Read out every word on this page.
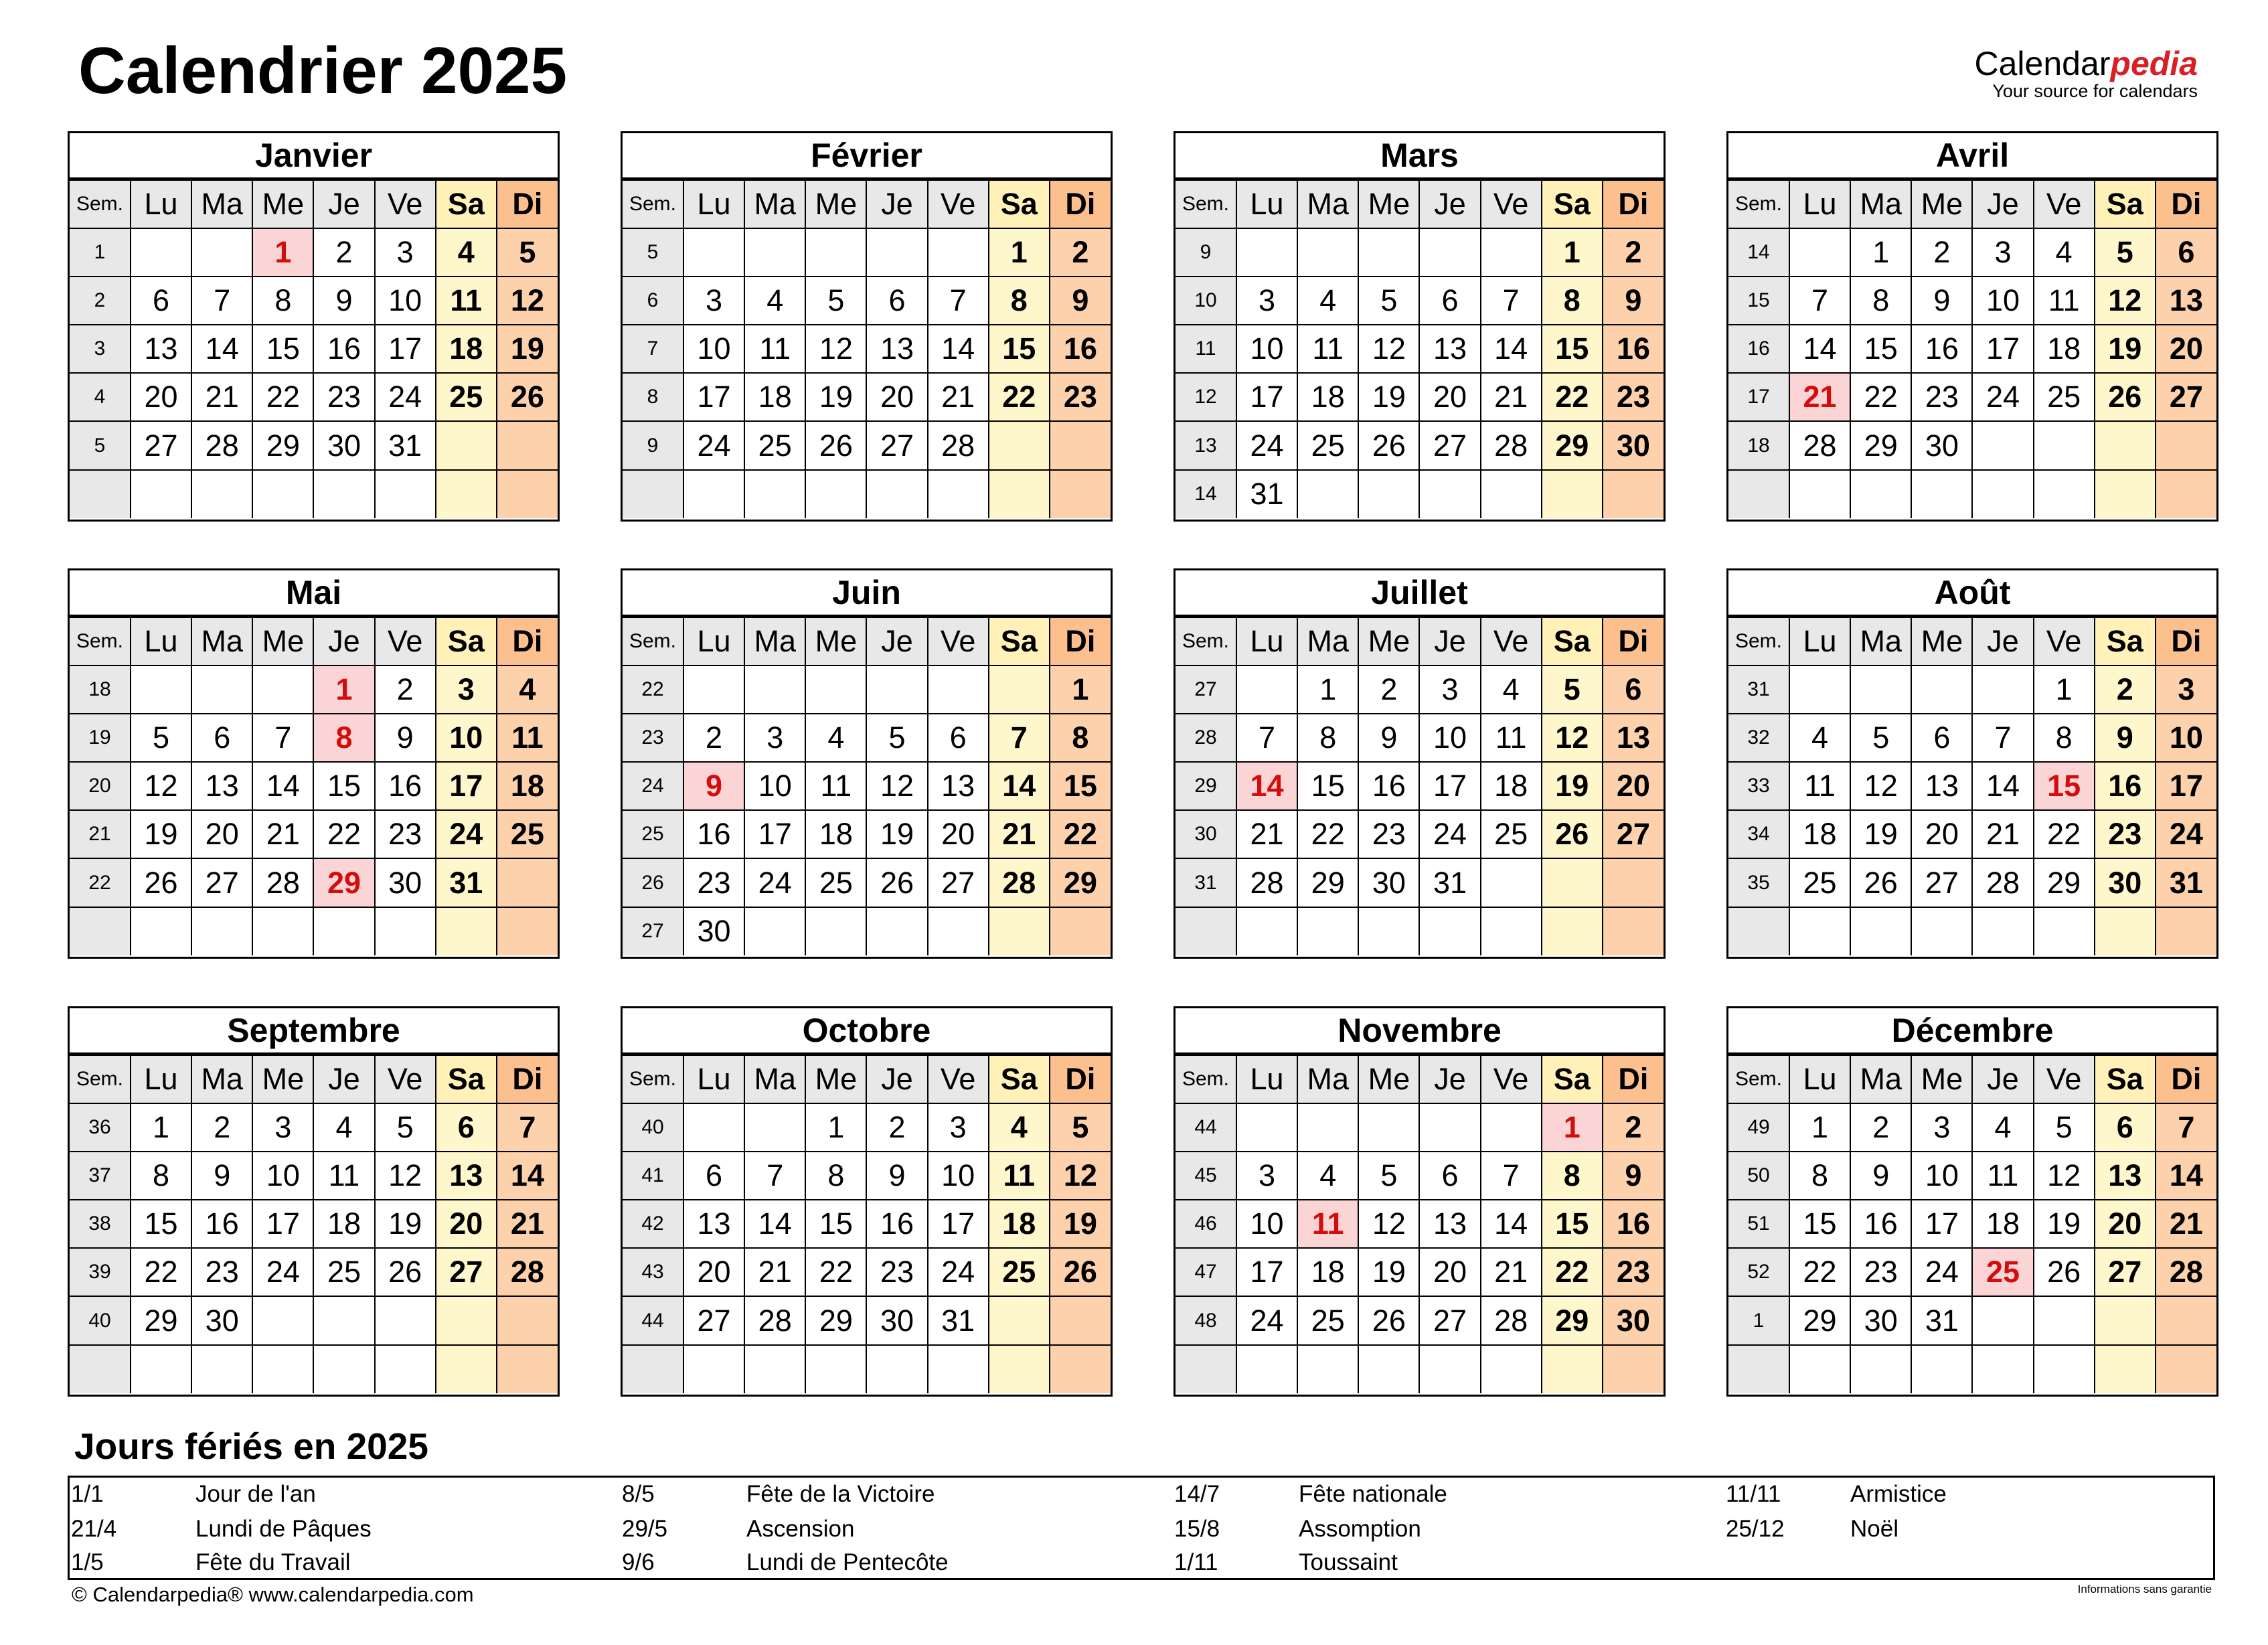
Calendrier 2025	Calendarpedia
Your source for calendars
Janvier
Sem.	Lu	Ma	Me	Je	Ve	Sa	Di
1			1	2	3	4	5
2	6	7	8	9	10	11	12
3	13	14	15	16	17	18	19
4	20	21	22	23	24	25	26
5	27	28	29	30	31		

Février
Sem.	Lu	Ma	Me	Je	Ve	Sa	Di
5						1	2
6	3	4	5	6	7	8	9
7	10	11	12	13	14	15	16
8	17	18	19	20	21	22	23
9	24	25	26	27	28		

Mars
Sem.	Lu	Ma	Me	Je	Ve	Sa	Di
9						1	2
10	3	4	5	6	7	8	9
11	10	11	12	13	14	15	16
12	17	18	19	20	21	22	23
13	24	25	26	27	28	29	30
14	31						
Avril
Sem.	Lu	Ma	Me	Je	Ve	Sa	Di
14		1	2	3	4	5	6
15	7	8	9	10	11	12	13
16	14	15	16	17	18	19	20
17	21	22	23	24	25	26	27
18	28	29	30				

Mai
Sem.	Lu	Ma	Me	Je	Ve	Sa	Di
18				1	2	3	4
19	5	6	7	8	9	10	11
20	12	13	14	15	16	17	18
21	19	20	21	22	23	24	25
22	26	27	28	29	30	31	

Juin
Sem.	Lu	Ma	Me	Je	Ve	Sa	Di
22							1
23	2	3	4	5	6	7	8
24	9	10	11	12	13	14	15
25	16	17	18	19	20	21	22
26	23	24	25	26	27	28	29
27	30						
Juillet
Sem.	Lu	Ma	Me	Je	Ve	Sa	Di
27		1	2	3	4	5	6
28	7	8	9	10	11	12	13
29	14	15	16	17	18	19	20
30	21	22	23	24	25	26	27
31	28	29	30	31			

Août
Sem.	Lu	Ma	Me	Je	Ve	Sa	Di
31					1	2	3
32	4	5	6	7	8	9	10
33	11	12	13	14	15	16	17
34	18	19	20	21	22	23	24
35	25	26	27	28	29	30	31

Septembre
Sem.	Lu	Ma	Me	Je	Ve	Sa	Di
36	1	2	3	4	5	6	7
37	8	9	10	11	12	13	14
38	15	16	17	18	19	20	21
39	22	23	24	25	26	27	28
40	29	30					

Octobre
Sem.	Lu	Ma	Me	Je	Ve	Sa	Di
40			1	2	3	4	5
41	6	7	8	9	10	11	12
42	13	14	15	16	17	18	19
43	20	21	22	23	24	25	26
44	27	28	29	30	31		

Novembre
Sem.	Lu	Ma	Me	Je	Ve	Sa	Di
44						1	2
45	3	4	5	6	7	8	9
46	10	11	12	13	14	15	16
47	17	18	19	20	21	22	23
48	24	25	26	27	28	29	30

Décembre
Sem.	Lu	Ma	Me	Je	Ve	Sa	Di
49	1	2	3	4	5	6	7
50	8	9	10	11	12	13	14
51	15	16	17	18	19	20	21
52	22	23	24	25	26	27	28
1	29	30	31				

Jours fériés en 2025
1/1	Jour de l'an
21/4	Lundi de Pâques
1/5	Fête du Travail
8/5	Fête de la Victoire
29/5	Ascension
9/6	Lundi de Pentecôte
14/7	Fête nationale
15/8	Assomption
1/11	Toussaint
11/11	Armistice
25/12	Noël
© Calendarpedia® www.calendarpedia.com	Informations sans garantie
